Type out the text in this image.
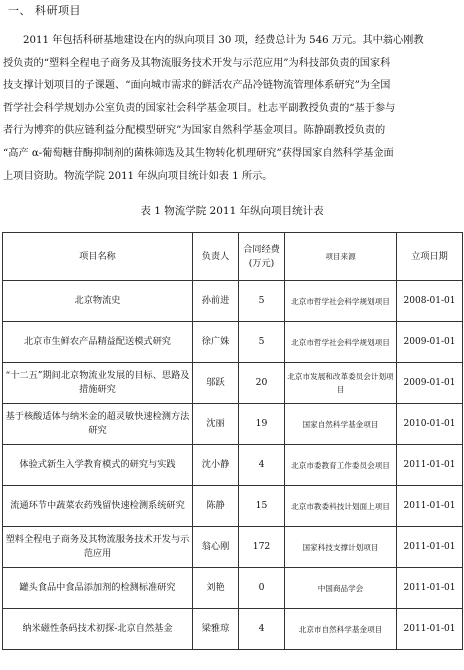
一、 科研项目
2011 年包括科研基地建设在内的纵向项目 30 项，经费总计为 546 万元。其中翁心刚教
授负责的“塑料全程电子商务及其物流服务技术开发与示范应用”为科技部负责的国家科
技支撑计划项目的子课题、“面向城市需求的鲜活农产品冷链物流管理体系研究”为全国
哲学社会科学规划办公室负责的国家社会科学基金项目。杜志平副教授负责的“基于参与
者行为博弈的供应链利益分配模型研究”为国家自然科学基金项目。陈静副教授负责的
“高产 α-葡萄糖苷酶抑制剂的菌株筛选及其生物转化机理研究”获得国家自然科学基金面
上项目资助。物流学院 2011 年纵向项目统计如表 1 所示。
表 1 物流学院 2011 年纵向项目统计表
项目名称	负责人	合同经费 (万元)	项目来源	立项日期
北京物流史	孙前进	5	北京市哲学社会科学规划项目	2008-01-01
北京市生鲜农产品精益配送模式研究	徐广姝	5	北京市哲学社会科学规划项目	2009-01-01
“十二五”期间北京物流业发展的目标、思路及措施研究	邬跃	20	北京市发展和改革委员会计划项目	2009-01-01
基于核酸适体与纳米金的超灵敏快速检测方法研究	沈丽	19	国家自然科学基金项目	2010-01-01
体验式新生入学教育模式的研究与实践	沈小静	4	北京市委教育工作委员会项目	2011-01-01
流通环节中蔬菜农药残留快速检测系统研究	陈静	15	北京市教委科技计划面上项目	2011-01-01
塑料全程电子商务及其物流服务技术开发与示范应用	翁心刚	172	国家科技支撑计划项目	2011-01-01
罐头食品中食品添加剂的检测标准研究	刘艳	0	中国商品学会	2011-01-01
纳米磁性条码技术初探-北京自然基金	梁雅琼	4	北京市自然科学基金项目	2011-01-01
